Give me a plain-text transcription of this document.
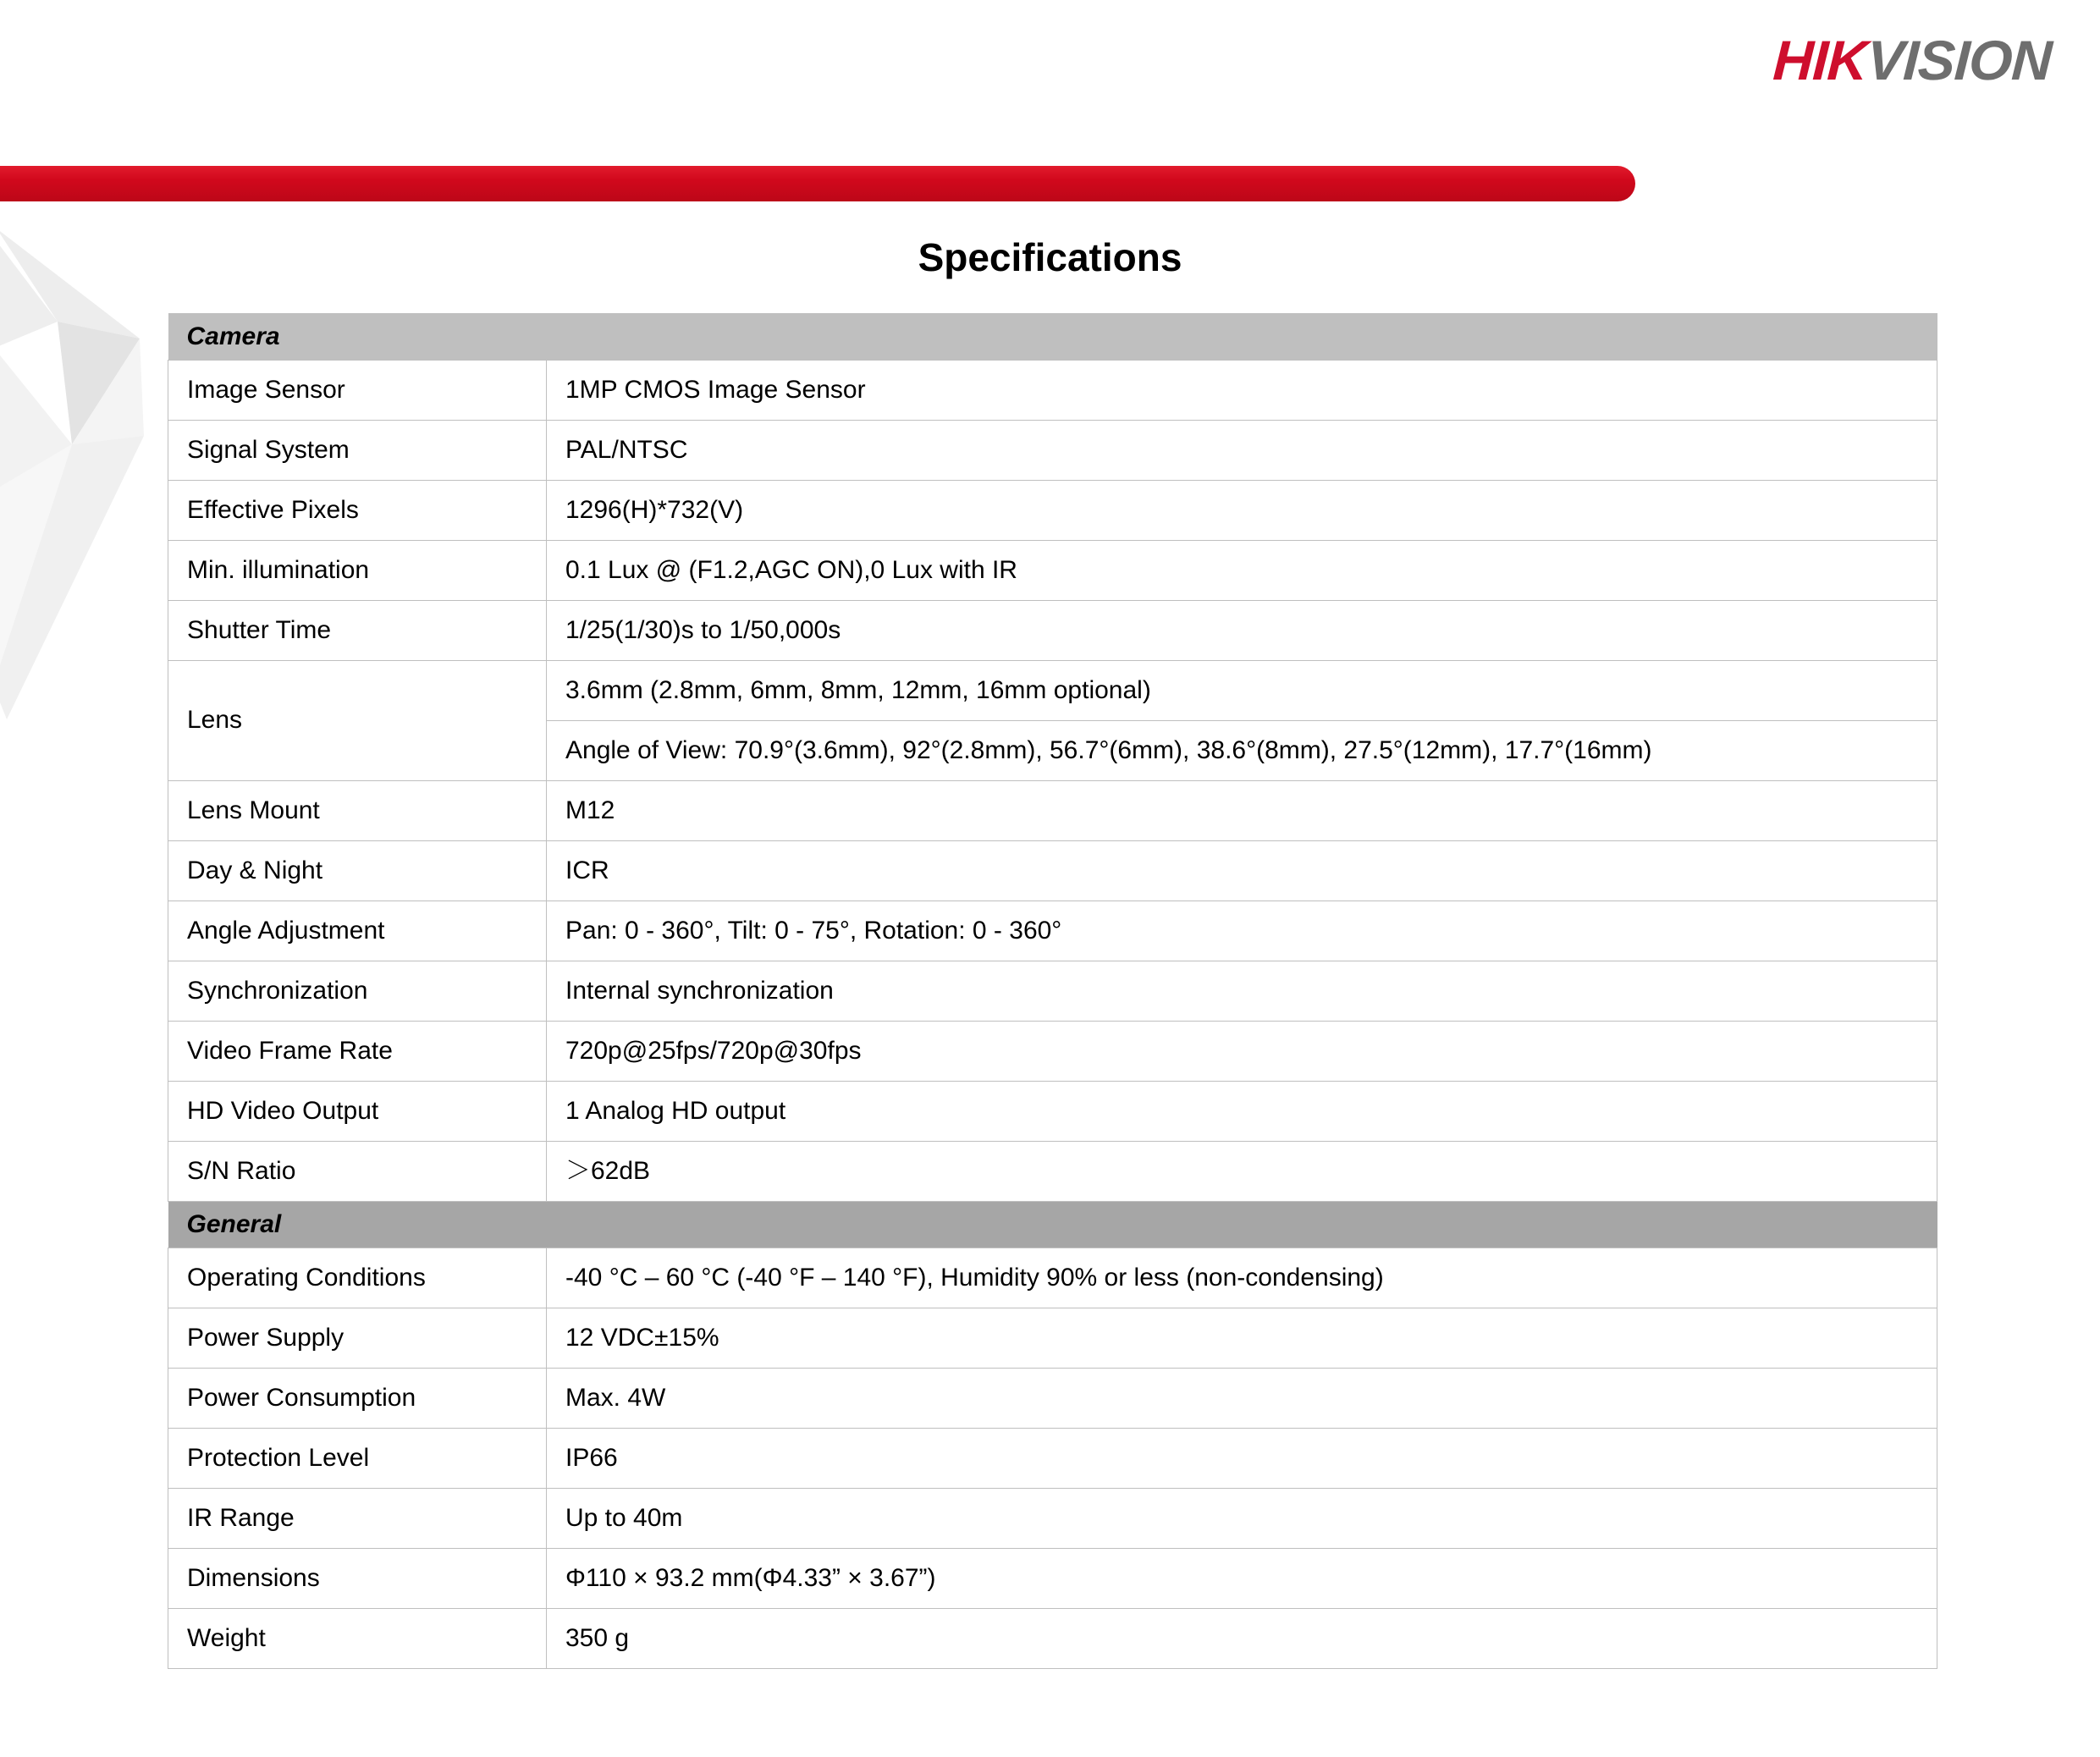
HIKVISION
Specifications
Camera	
Image Sensor	1MP CMOS Image Sensor
Signal System	PAL/NTSC
Effective Pixels	1296(H)*732(V)
Min. illumination	0.1 Lux @ (F1.2,AGC ON),0 Lux with IR
Shutter Time	1/25(1/30)s to 1/50,000s
Lens	3.6mm (2.8mm, 6mm, 8mm, 12mm, 16mm optional)
	Angle of View: 70.9°(3.6mm), 92°(2.8mm), 56.7°(6mm), 38.6°(8mm), 27.5°(12mm), 17.7°(16mm)
Lens Mount	M12
Day & Night	ICR
Angle Adjustment	Pan: 0 - 360°, Tilt: 0 - 75°, Rotation: 0 - 360°
Synchronization	Internal synchronization
Video Frame Rate	720p@25fps/720p@30fps
HD Video Output	1 Analog HD output
S/N Ratio	＞62dB
General	
Operating Conditions	-40 °C – 60 °C (-40 °F – 140 °F), Humidity 90% or less (non-condensing)
Power Supply	12 VDC±15%
Power Consumption	Max. 4W
Protection Level	IP66
IR Range	Up to 40m
Dimensions	Φ110 × 93.2 mm(Φ4.33” × 3.67”)
Weight	350 g
